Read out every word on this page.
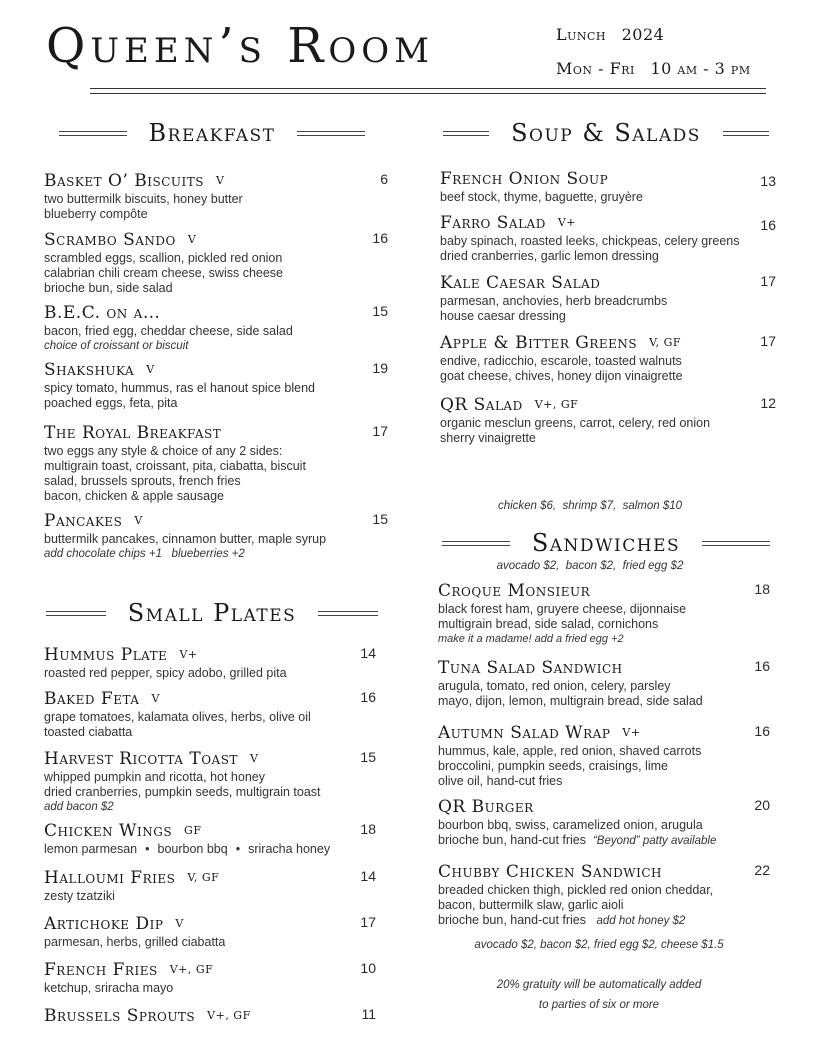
Queen’s Room	Lunch 2024
Mon - Fri 10 am - 3 pm
Breakfast
Basket O’ Biscuits V	6
two buttermilk biscuits, honey butter
blueberry compôte
Scrambo Sando V	16
scrambled eggs, scallion, pickled red onion
calabrian chili cream cheese, swiss cheese
brioche bun, side salad
B.E.C. on a…	15
bacon, fried egg, cheddar cheese, side salad
choice of croissant or biscuit
Shakshuka V	19
spicy tomato, hummus, ras el hanout spice blend
poached eggs, feta, pita
The Royal Breakfast	17
two eggs any style & choice of any 2 sides:
multigrain toast, croissant, pita, ciabatta, biscuit
salad, brussels sprouts, french fries
bacon, chicken & apple sausage
Pancakes V	15
buttermilk pancakes, cinnamon butter, maple syrup
add chocolate chips +1   blueberries +2
Small Plates
Hummus Plate V+	14
roasted red pepper, spicy adobo, grilled pita
Baked Feta V	16
grape tomatoes, kalamata olives, herbs, olive oil
toasted ciabatta
Harvest Ricotta Toast V	15
whipped pumpkin and ricotta, hot honey
dried cranberries, pumpkin seeds, multigrain toast
add bacon $2
Chicken Wings GF	18
lemon parmesan • bourbon bbq • sriracha honey
Halloumi Fries V, GF	14
zesty tzatziki
Artichoke Dip V	17
parmesan, herbs, grilled ciabatta
French Fries V+, GF	10
ketchup, sriracha mayo
Brussels Sprouts V+, GF	11
Soup & Salads
French Onion Soup	13
beef stock, thyme, baguette, gruyère
Farro Salad V+	16
baby spinach, roasted leeks, chickpeas, celery greens
dried cranberries, garlic lemon dressing
Kale Caesar Salad	17
parmesan, anchovies, herb breadcrumbs
house caesar dressing
Apple & Bitter Greens V, GF	17
endive, radicchio, escarole, toasted walnuts
goat cheese, chives, honey dijon vinaigrette
QR Salad V+, GF	12
organic mesclun greens, carrot, celery, red onion
sherry vinaigrette

chicken $6,  shrimp $7,  salmon $10

avocado $2,  bacon $2,  fried egg $2

Sandwiches
Croque Monsieur	18
black forest ham, gruyere cheese, dijonnaise
multigrain bread, side salad, cornichons
make it a madame! add a fried egg +2
Tuna Salad Sandwich	16
arugula, tomato, red onion, celery, parsley
mayo, dijon, lemon, multigrain bread, side salad
Autumn Salad Wrap V+	16
hummus, kale, apple, red onion, shaved carrots
broccolini, pumpkin seeds, craisings, lime
olive oil, hand-cut fries
QR Burger	20
bourbon bbq, swiss, caramelized onion, arugula
brioche bun, hand-cut fries “Beyond” patty available
Chubby Chicken Sandwich	22
breaded chicken thigh, pickled red onion cheddar,
bacon, buttermilk slaw, garlic aioli
brioche bun, hand-cut fries add hot honey $2
avocado $2, bacon $2, fried egg $2, cheese $1.5
20% gratuity will be automatically added
to parties of six or more
